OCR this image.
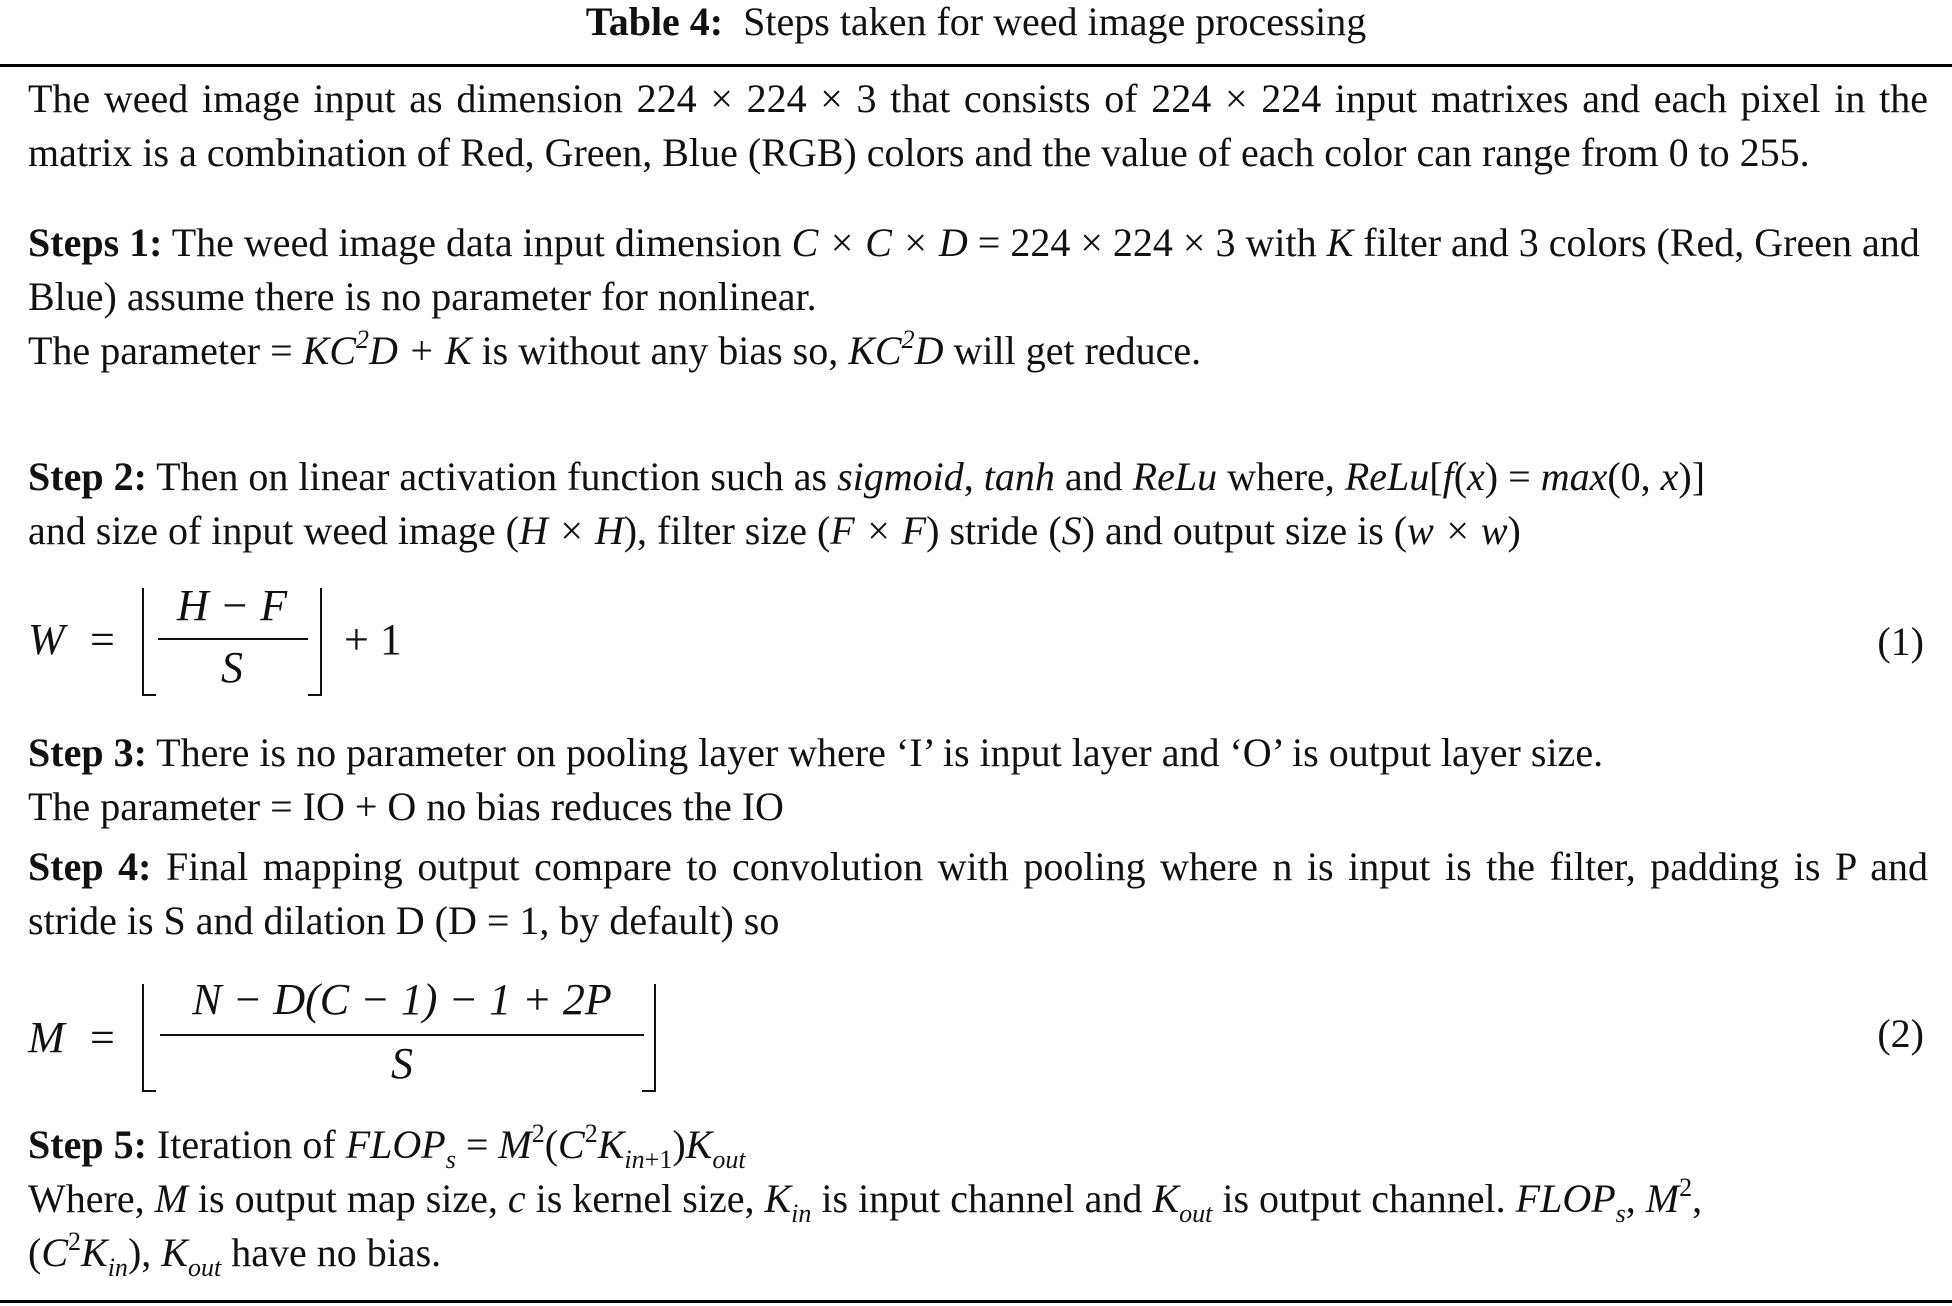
Table 4: Steps taken for weed image processing
The weed image input as dimension 224 × 224 × 3 that consists of 224 × 224 input matrixes and each pixel in the matrix is a combination of Red, Green, Blue (RGB) colors and the value of each color can range from 0 to 255.
Steps 1: The weed image data input dimension C × C × D = 224 × 224 × 3 with K filter and 3 colors (Red, Green and Blue) assume there is no parameter for nonlinear.
The parameter = $KC^2D + K$ is without any bias so, $KC^2D$ will get reduce.
Step 2: Then on linear activation function such as sigmoid, tanh and ReLu where, ReLu[f(x) = max(0, x)]
and size of input weed image (H × H), filter size (F × F) stride (S) and output size is (w × w)
W =
H − F
S
+ 1	(1)
Step 3: There is no parameter on pooling layer where ‘I’ is input layer and ‘O’ is output layer size.
The parameter = IO + O no bias reduces the IO
Step 4: Final mapping output compare to convolution with pooling where n is input is the filter, padding is P and stride is S and dilation D (D = 1, by default) so
M =
N − D(C − 1) − 1 + 2P
S
(2)
Step 5: Iteration of $FLOP_s = M^2(C^2K_{in+1})K_{out}$
Where, M is output map size, c is kernel size, $K_{in}$ is input channel and $K_{out}$ is output channel. $FLOP_s$, $M^2$,
$(C^2K_{in})$, $K_{out}$ have no bias.
